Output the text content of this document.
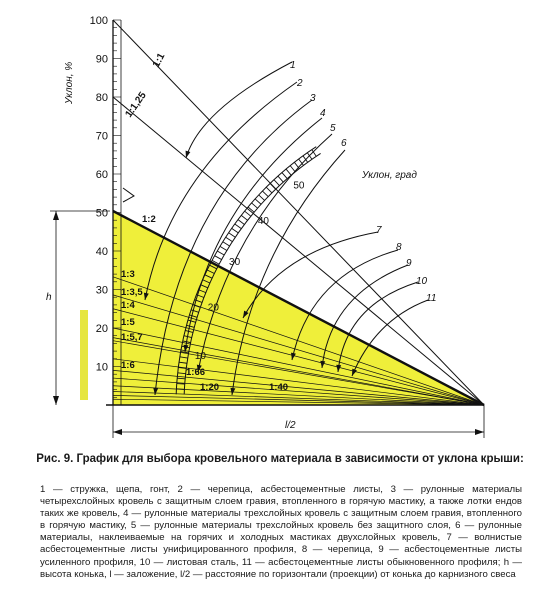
100
90
80
70
60
50
40
30
20
10
h
l/2
50
40
30
20
10
Уклон, град
Уклон, %
1:1
1:1,25
1:2
1:3
1:3,5
1:4
1:5
1:5,7
1:6
1:66
1:20	1:40
1
2
3
4
5
6
7
8
9
10
11
Рис. 9. График для выбора кровельного материала в зависимости от уклона крыши:
1 — стружка, щепа, гонт, 2 — черепица, асбестоцементные листы, 3 — рулонные материалы четырехслойных кровель с защитным слоем гравия, втопленного в горячую мастику, а также лотки ендов таких же кровель, 4 — рулонные материалы трехслойных кровель с защитным слоем гравия, втопленного в горячую мастику, 5 — рулонные материалы трехслойных кровель без защитного слоя, 6 — рулонные материалы, наклеиваемые на горячих и холодных мастиках двухслойных кровель, 7 — волнистые асбестоцементные листы унифицированного профиля, 8 — черепица, 9 — асбестоцементные листы усиленного профиля, 10 — листовая сталь, 11 — асбестоцементные листы обыкновенного профиля; h — высота конька, l — заложение, l/2 — расстояние по горизонтали (проекции) от конька до карнизного свеса
